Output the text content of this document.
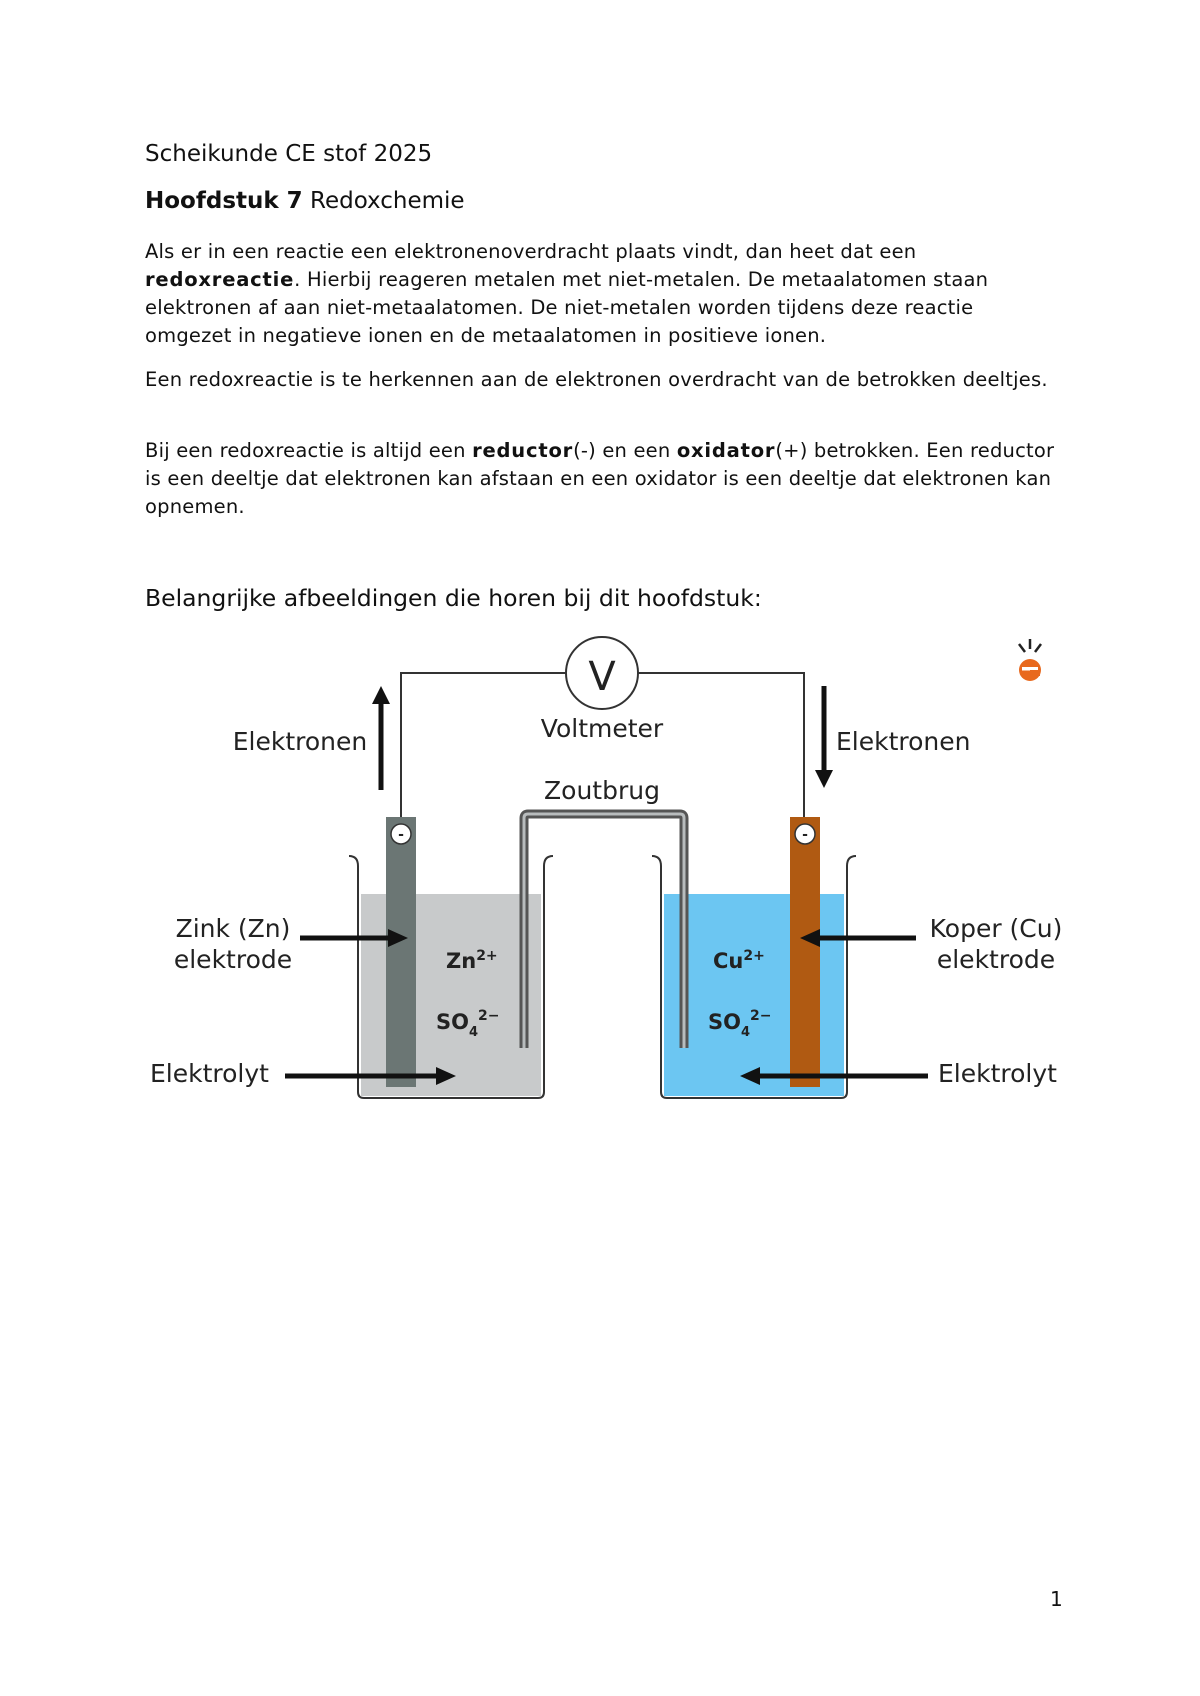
Scheikunde CE stof 2025
Hoofdstuk 7 Redoxchemie

Als er in een reactie een elektronenoverdracht plaats vindt, dan heet dat een redoxreactie. Hierbij reageren metalen met niet-metalen. De metaalatomen staan elektronen af aan niet-metaalatomen. De niet-metalen worden tijdens deze reactie omgezet in negatieve ionen en de metaalatomen in positieve ionen.

Een redoxreactie is te herkennen aan de elektronen overdracht van de betrokken deeltjes.

Bij een redoxreactie is altijd een reductor(-) en een oxidator(+) betrokken. Een reductor is een deeltje dat elektronen kan afstaan en een oxidator is een deeltje dat elektronen kan opnemen.

Belangrijke afbeeldingen die horen bij dit hoofdstuk:
V
Voltmeter
Elektronen	Elektronen
Zoutbrug
-	-
$Zn^{2+}$
$SO_4^{2-}$
$Cu^{2+}$
$SO_4^{2-}$
Zink (Zn)
elektrode
Koper (Cu)
elektrode
Elektrolyt	Elektrolyt
1
